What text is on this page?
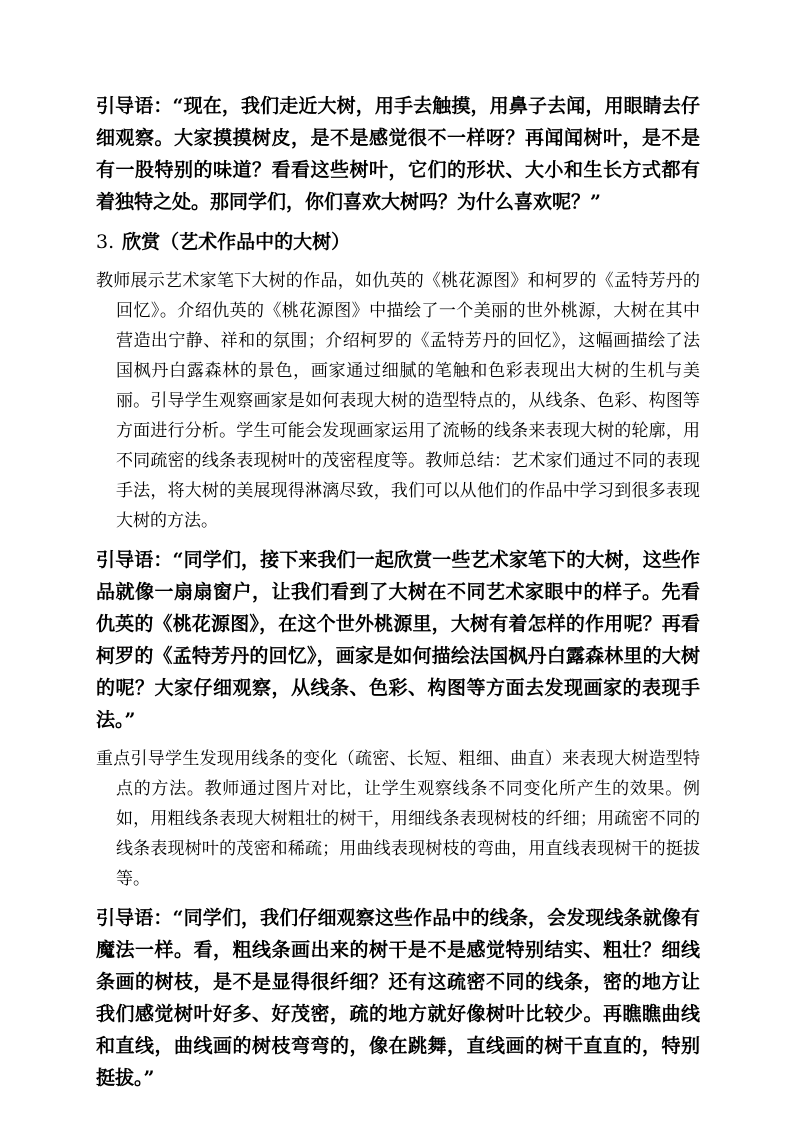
引导语：“现在，我们走近大树，用手去触摸，用鼻子去闻，用眼睛去仔细观察。大家摸摸树皮，是不是感觉很不一样呀？再闻闻树叶，是不是有一股特别的味道？看看这些树叶，它们的形状、大小和生长方式都有着独特之处。那同学们，你们喜欢大树吗？为什么喜欢呢？”

3. 欣赏（艺术作品中的大树）

教师展示艺术家笔下大树的作品，如仇英的《桃花源图》和柯罗的《孟特芳丹的回忆》。介绍仇英的《桃花源图》中描绘了一个美丽的世外桃源，大树在其中营造出宁静、祥和的氛围；介绍柯罗的《孟特芳丹的回忆》，这幅画描绘了法国枫丹白露森林的景色，画家通过细腻的笔触和色彩表现出大树的生机与美丽。引导学生观察画家是如何表现大树的造型特点的，从线条、色彩、构图等方面进行分析。学生可能会发现画家运用了流畅的线条来表现大树的轮廓，用不同疏密的线条表现树叶的茂密程度等。教师总结：艺术家们通过不同的表现手法，将大树的美展现得淋漓尽致，我们可以从他们的作品中学习到很多表现大树的方法。

引导语：“同学们，接下来我们一起欣赏一些艺术家笔下的大树，这些作品就像一扇扇窗户，让我们看到了大树在不同艺术家眼中的样子。先看仇英的《桃花源图》，在这个世外桃源里，大树有着怎样的作用呢？再看柯罗的《孟特芳丹的回忆》，画家是如何描绘法国枫丹白露森林里的大树的呢？大家仔细观察，从线条、色彩、构图等方面去发现画家的表现手法。”

重点引导学生发现用线条的变化（疏密、长短、粗细、曲直）来表现大树造型特点的方法。教师通过图片对比，让学生观察线条不同变化所产生的效果。例如，用粗线条表现大树粗壮的树干，用细线条表现树枝的纤细；用疏密不同的线条表现树叶的茂密和稀疏；用曲线表现树枝的弯曲，用直线表现树干的挺拔等。

引导语：“同学们，我们仔细观察这些作品中的线条，会发现线条就像有魔法一样。看，粗线条画出来的树干是不是感觉特别结实、粗壮？细线条画的树枝，是不是显得很纤细？还有这疏密不同的线条，密的地方让我们感觉树叶好多、好茂密，疏的地方就好像树叶比较少。再瞧瞧曲线和直线，曲线画的树枝弯弯的，像在跳舞，直线画的树干直直的，特别挺拔。”
